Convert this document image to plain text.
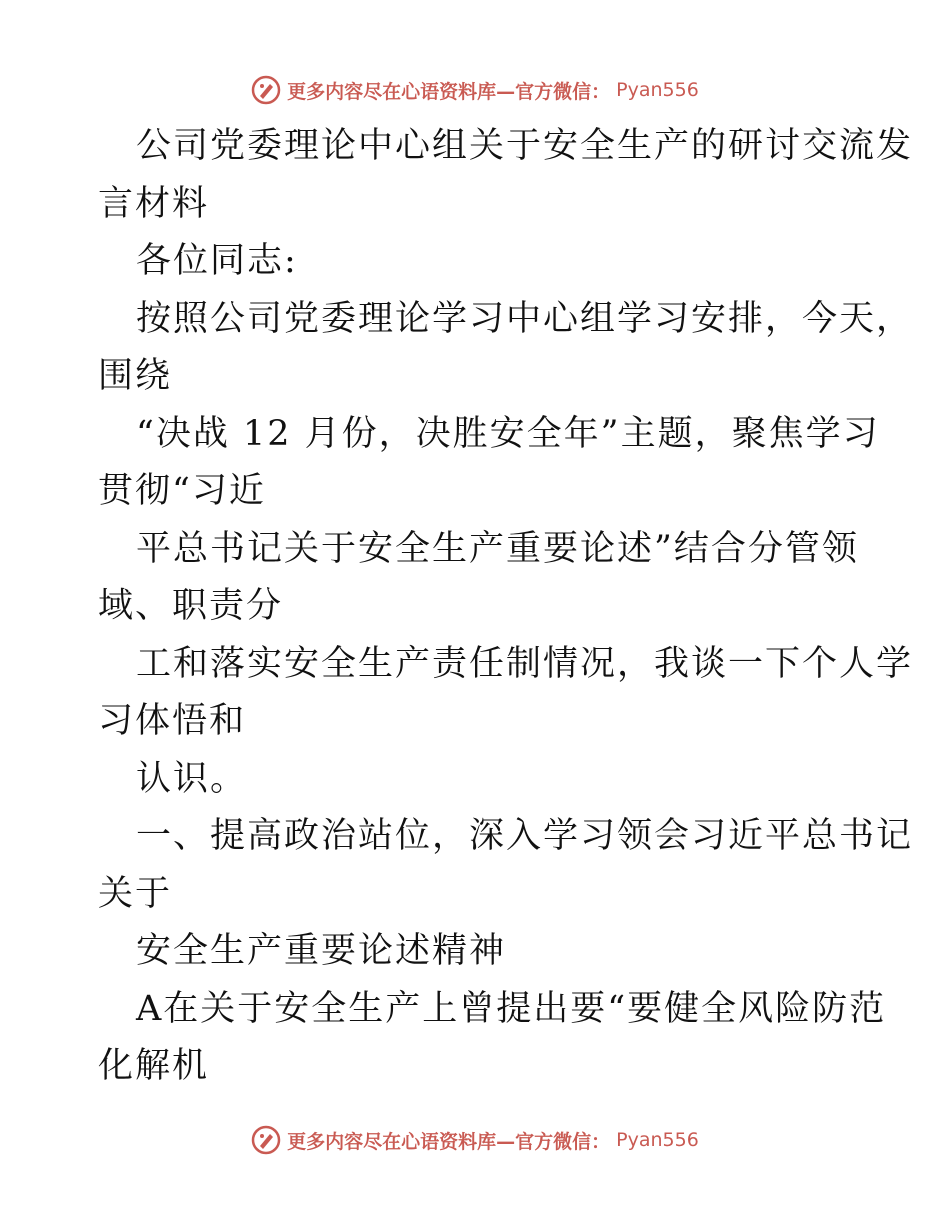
更多内容尽在心语资料库—官方微信： Pyan556
公司党委理论中心组关于安全生产的研讨交流发
言材料
各位同志:
按照公司党委理论学习中心组学习安排，今天，
围绕
“决战 12 月份，决胜安全年”主题，聚焦学习
贯彻“习近
平总书记关于安全生产重要论述”结合分管领
域、职责分
工和落实安全生产责任制情况，我谈一下个人学
习体悟和
认识。
一、提高政治站位，深入学习领会习近平总书记
关于
安全生产重要论述精神
A在关于安全生产上曾提出要“要健全风险防范
化解机
更多内容尽在心语资料库—官方微信： Pyan556
